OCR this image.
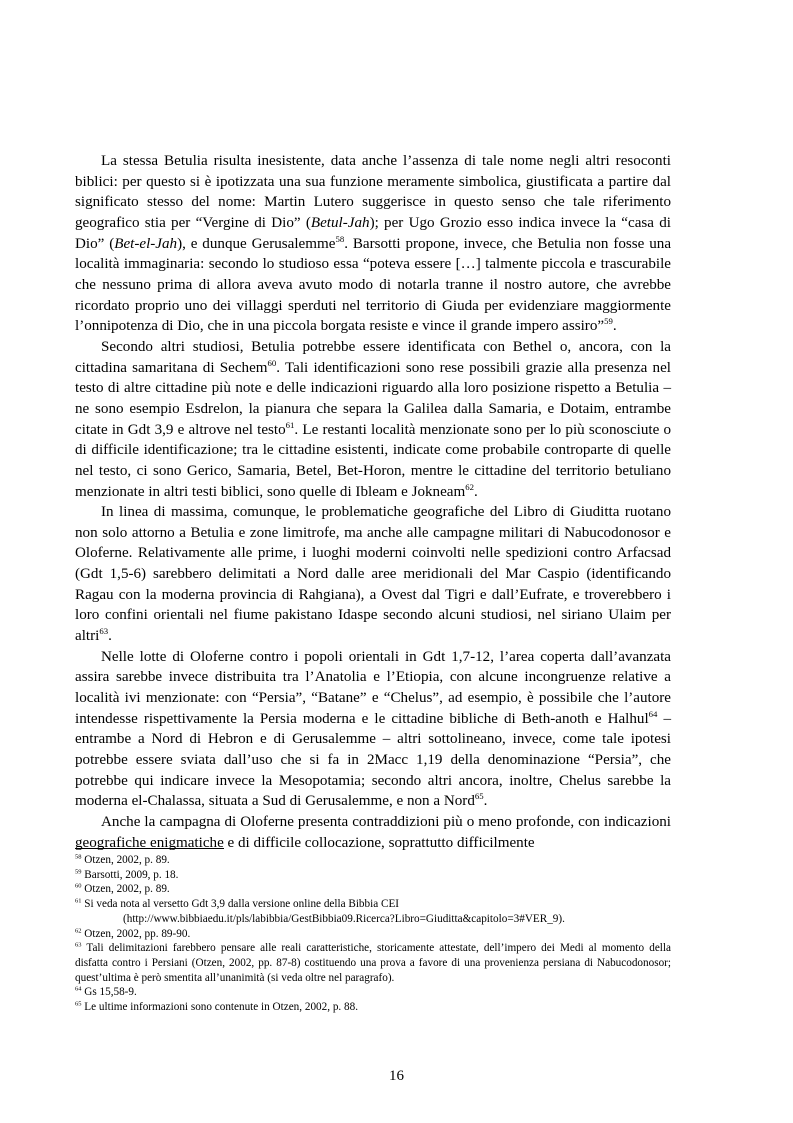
La stessa Betulia risulta inesistente, data anche l’assenza di tale nome negli altri resoconti biblici: per questo si è ipotizzata una sua funzione meramente simbolica, giustificata a partire dal significato stesso del nome: Martin Lutero suggerisce in questo senso che tale riferimento geografico stia per “Vergine di Dio” (Betul-Jah); per Ugo Grozio esso indica invece la “casa di Dio” (Bet-el-Jah), e dunque Gerusalemme$^{58}$. Barsotti propone, invece, che Betulia non fosse una località immaginaria: secondo lo studioso essa “poteva essere […] talmente piccola e trascurabile che nessuno prima di allora aveva avuto modo di notarla tranne il nostro autore, che avrebbe ricordato proprio uno dei villaggi sperduti nel territorio di Giuda per evidenziare maggiormente l’onnipotenza di Dio, che in una piccola borgata resiste e vince il grande impero assiro”$^{59}$.

Secondo altri studiosi, Betulia potrebbe essere identificata con Bethel o, ancora, con la cittadina samaritana di Sechem$^{60}$. Tali identificazioni sono rese possibili grazie alla presenza nel testo di altre cittadine più note e delle indicazioni riguardo alla loro posizione rispetto a Betulia – ne sono esempio Esdrelon, la pianura che separa la Galilea dalla Samaria, e Dotaim, entrambe citate in Gdt 3,9 e altrove nel testo$^{61}$. Le restanti località menzionate sono per lo più sconosciute o di difficile identificazione; tra le cittadine esistenti, indicate come probabile controparte di quelle nel testo, ci sono Gerico, Samaria, Betel, Bet-Horon, mentre le cittadine del territorio betuliano menzionate in altri testi biblici, sono quelle di Ibleam e Jokneam$^{62}$.

In linea di massima, comunque, le problematiche geografiche del Libro di Giuditta ruotano non solo attorno a Betulia e zone limitrofe, ma anche alle campagne militari di Nabucodonosor e Oloferne. Relativamente alle prime, i luoghi moderni coinvolti nelle spedizioni contro Arfacsad (Gdt 1,5-6) sarebbero delimitati a Nord dalle aree meridionali del Mar Caspio (identificando Ragau con la moderna provincia di Rahgiana), a Ovest dal Tigri e dall’Eufrate, e troverebbero i loro confini orientali nel fiume pakistano Idaspe secondo alcuni studiosi, nel siriano Ulaim per altri$^{63}$.

Nelle lotte di Oloferne contro i popoli orientali in Gdt 1,7-12, l’area coperta dall’avanzata assira sarebbe invece distribuita tra l’Anatolia e l’Etiopia, con alcune incongruenze relative a località ivi menzionate: con “Persia”, “Batane” e “Chelus”, ad esempio, è possibile che l’autore intendesse rispettivamente la Persia moderna e le cittadine bibliche di Beth-anoth e Halhul$^{64}$ – entrambe a Nord di Hebron e di Gerusalemme – altri sottolineano, invece, come tale ipotesi potrebbe essere sviata dall’uso che si fa in 2Macc 1,19 della denominazione “Persia”, che potrebbe qui indicare invece la Mesopotamia; secondo altri ancora, inoltre, Chelus sarebbe la moderna el-Chalassa, situata a Sud di Gerusalemme, e non a Nord$^{65}$.

Anche la campagna di Oloferne presenta contraddizioni più o meno profonde, con indicazioni geografiche enigmatiche e di difficile collocazione, soprattutto difficilmente

$^{58}$ Otzen, 2002, p. 89.
$^{59}$ Barsotti, 2009, p. 18.
$^{60}$ Otzen, 2002, p. 89.
$^{61}$ Si veda nota al versetto Gdt 3,9 dalla versione online della Bibbia CEI
(http://www.bibbiaedu.it/pls/labibbia/GestBibbia09.Ricerca?Libro=Giuditta&capitolo=3#VER_9).
$^{62}$ Otzen, 2002, pp. 89-90.
$^{63}$ Tali delimitazioni farebbero pensare alle reali caratteristiche, storicamente attestate, dell’impero dei Medi al momento della disfatta contro i Persiani (Otzen, 2002, pp. 87-8) costituendo una prova a favore di una provenienza persiana di Nabucodonosor; quest’ultima è però smentita all’unanimità (si veda oltre nel paragrafo).
$^{64}$ Gs 15,58-9.
$^{65}$ Le ultime informazioni sono contenute in Otzen, 2002, p. 88.
16
